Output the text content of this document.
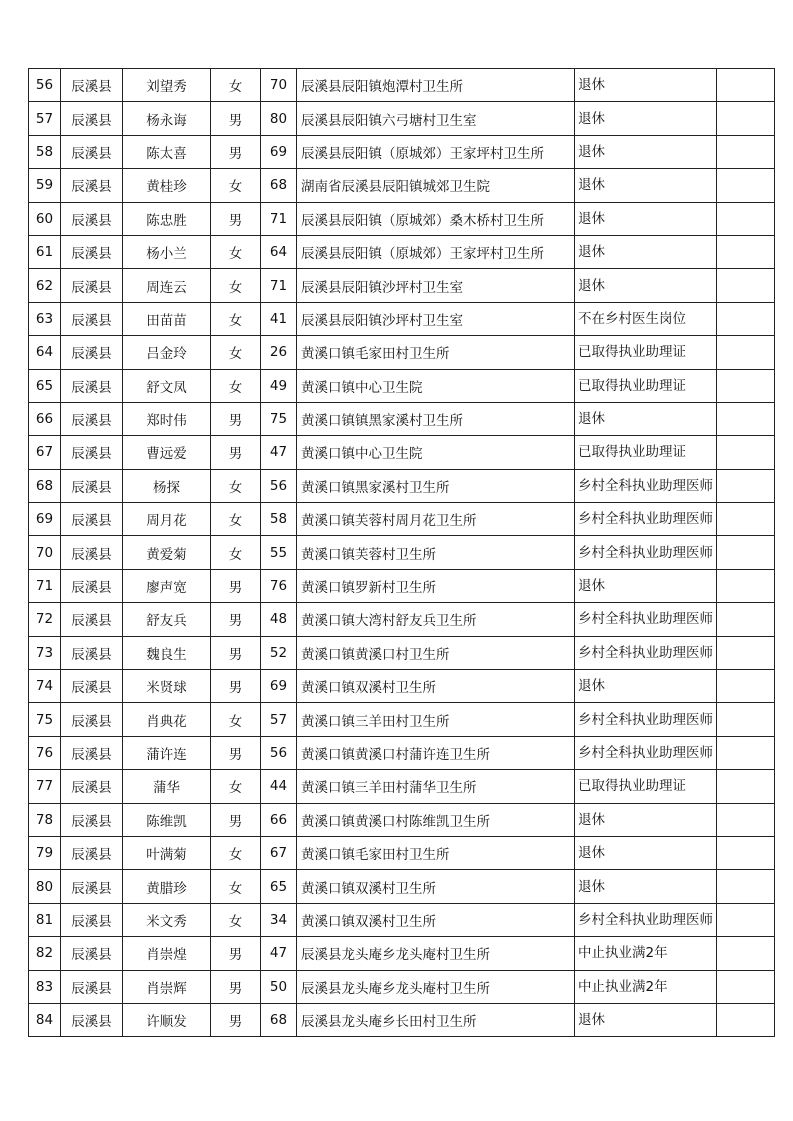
56	辰溪县	刘望秀	女	70	辰溪县辰阳镇炮潭村卫生所	退休	
57	辰溪县	杨永诲	男	80	辰溪县辰阳镇六弓塘村卫生室	退休	
58	辰溪县	陈太喜	男	69	辰溪县辰阳镇（原城郊）王家坪村卫生所	退休	
59	辰溪县	黄桂珍	女	68	湖南省辰溪县辰阳镇城郊卫生院	退休	
60	辰溪县	陈忠胜	男	71	辰溪县辰阳镇（原城郊）桑木桥村卫生所	退休	
61	辰溪县	杨小兰	女	64	辰溪县辰阳镇（原城郊）王家坪村卫生所	退休	
62	辰溪县	周连云	女	71	辰溪县辰阳镇沙坪村卫生室	退休	
63	辰溪县	田苗苗	女	41	辰溪县辰阳镇沙坪村卫生室	不在乡村医生岗位	
64	辰溪县	吕金玲	女	26	黄溪口镇毛家田村卫生所	已取得执业助理证	
65	辰溪县	舒文凤	女	49	黄溪口镇中心卫生院	已取得执业助理证	
66	辰溪县	郑时伟	男	75	黄溪口镇镇黑家溪村卫生所	退休	
67	辰溪县	曹远爱	男	47	黄溪口镇中心卫生院	已取得执业助理证	
68	辰溪县	杨探	女	56	黄溪口镇黑家溪村卫生所	乡村全科执业助理医师	
69	辰溪县	周月花	女	58	黄溪口镇芙蓉村周月花卫生所	乡村全科执业助理医师	
70	辰溪县	黄爱菊	女	55	黄溪口镇芙蓉村卫生所	乡村全科执业助理医师	
71	辰溪县	廖声宽	男	76	黄溪口镇罗新村卫生所	退休	
72	辰溪县	舒友兵	男	48	黄溪口镇大湾村舒友兵卫生所	乡村全科执业助理医师	
73	辰溪县	魏良生	男	52	黄溪口镇黄溪口村卫生所	乡村全科执业助理医师	
74	辰溪县	米贤球	男	69	黄溪口镇双溪村卫生所	退休	
75	辰溪县	肖典花	女	57	黄溪口镇三羊田村卫生所	乡村全科执业助理医师	
76	辰溪县	蒲许连	男	56	黄溪口镇黄溪口村蒲许连卫生所	乡村全科执业助理医师	
77	辰溪县	蒲华	女	44	黄溪口镇三羊田村蒲华卫生所	已取得执业助理证	
78	辰溪县	陈维凯	男	66	黄溪口镇黄溪口村陈维凯卫生所	退休	
79	辰溪县	叶满菊	女	67	黄溪口镇毛家田村卫生所	退休	
80	辰溪县	黄腊珍	女	65	黄溪口镇双溪村卫生所	退休	
81	辰溪县	米文秀	女	34	黄溪口镇双溪村卫生所	乡村全科执业助理医师	
82	辰溪县	肖崇煌	男	47	辰溪县龙头庵乡龙头庵村卫生所	中止执业满2年	
83	辰溪县	肖崇辉	男	50	辰溪县龙头庵乡龙头庵村卫生所	中止执业满2年	
84	辰溪县	许顺发	男	68	辰溪县龙头庵乡长田村卫生所	退休	
